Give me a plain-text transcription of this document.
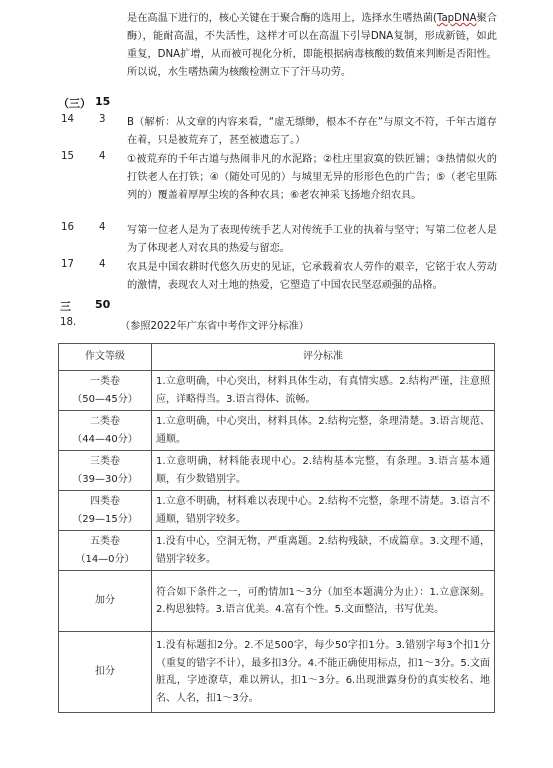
是在高温下进行的，核心关键在于聚合酶的选用上，选择水生嗜热菌(TapDNA聚合酶），能耐高温，不失活性，这样才可以在高温下引导DNA复制，形成新链，如此重复，DNA扩增，从而被可视化分析，即能根据病毒核酸的数值来判断是否阳性。所以说，水生嗜热菌为核酸检测立下了汗马功劳。
（三） 15
14 3 B（解析：从文章的内容来看，“虚无缥缈，根本不存在”与原文不符，千年古道存在着，只是被荒弃了，甚至被遗忘了。）
15 4 ①被荒弃的千年古道与热闹非凡的水泥路；②杜庄里寂寞的铁匠铺；③热情似火的打铁老人在打铁；④（随处可见的）与城里无异的形形色色的广告；⑤（老宅里陈列的）覆盖着厚厚尘埃的各种农具；⑥老农神采飞扬地介绍农具。
16 4 写第一位老人是为了表现传统手艺人对传统手工业的执着与坚守；写第二位老人是为了体现老人对农具的热爱与留恋。
17 4 农具是中国农耕时代悠久历史的见证，它承载着农人劳作的艰辛，它铭于农人劳动的激情，表现农人对土地的热爱，它塑造了中国农民坚忍顽强的品格。
三 50
18.	（参照2022年广东省中考作文评分标准）
作文等级	评分标准

一类卷
（50—45分）	1.立意明确，中心突出，材料具体生动，有真情实感。2.结构严谨，注意照应，详略得当。3.语言得体、流畅。

二类卷
（44—40分）	1.立意明确，中心突出，材料具体。2.结构完整，条理清楚。3.语言规范、通顺。

三类卷
（39—30分）	1.立意明确，材料能表现中心。2.结构基本完整，有条理。3.语言基本通顺，有少数错别字。

四类卷
（29—15分）	1.立意不明确，材料难以表现中心。2.结构不完整，条理不清楚。3.语言不通顺，错别字较多。

五类卷
（14—0分）	1.没有中心，空洞无物，严重离题。2.结构残缺，不成篇章。3.文理不通，错别字较多。

加分	符合如下条件之一，可酌情加1～3分（加至本题满分为止）：1.立意深刻。2.构思独特。3.语言优美。4.富有个性。5.文面整洁，书写优美。

扣分	1.没有标题扣2分。2.不足500字，每少50字扣1分。3.错别字每3个扣1分（重复的错字不计），最多扣3分。4.不能正确使用标点，扣1～3分。5.文面脏乱，字迹潦草，难以辨认，扣1～3分。6.出现泄露身份的真实校名、地名、人名，扣1～3分。
